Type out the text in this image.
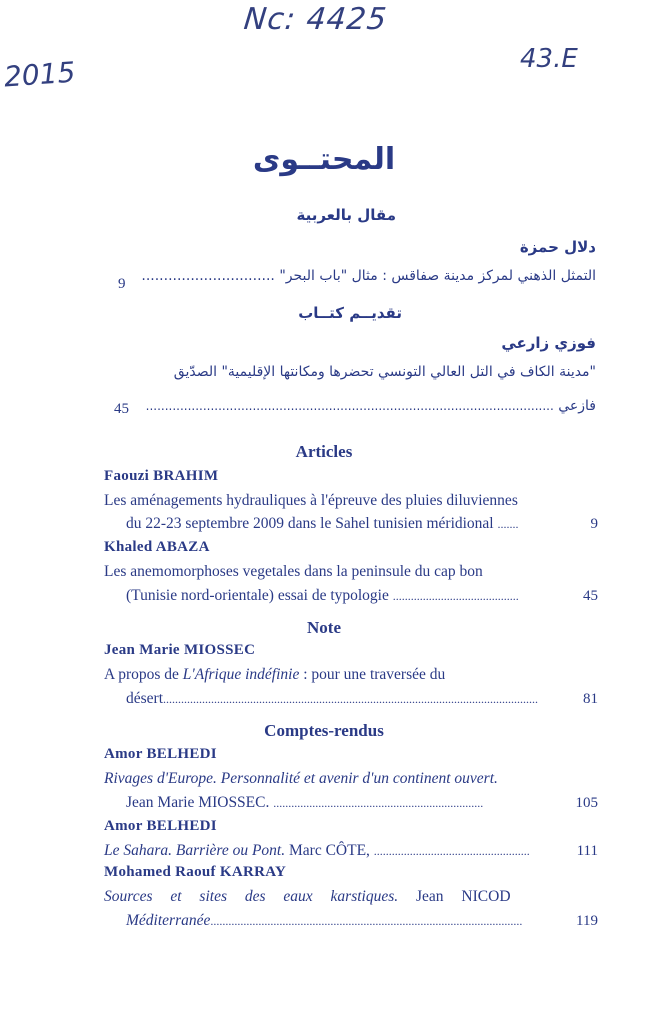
Nc: 4425
2015	43.E
المحتــوى
مقال بالعربية
دلال حمزة
التمثل الذهني لمركز مدينة صفاقس : مثال "باب البحر" ..............................
9
تقديــم كتــاب
فوزي زارعي
"مدينة الكاف في التل العالي التونسي تحضرها ومكانتها الإقليمية" الصدّيق
فازعي ...........................................................................................................
45
Articles
Faouzi BRAHIM
Les aménagements hydrauliques à l'épreuve des pluies diluviennes
du 22-23 septembre 2009 dans le Sahel tunisien méridional .......	9
Khaled ABAZA
Les anemomorphoses vegetales dans la peninsule du cap bon
(Tunisie nord-orientale) essai de typologie ..........................................	45
Note
Jean Marie MIOSSEC
A propos de L'Afrique indéfinie : pour une traversée du
désert.............................................................................................................................	81
Comptes-rendus
Amor BELHEDI
Rivages d'Europe. Personnalité et avenir d'un continent ouvert.
Jean Marie MIOSSEC. ......................................................................	105
Amor BELHEDI
Le Sahara. Barrière ou Pont. Marc CÔTE, ....................................................	111
Mohamed Raouf KARRAY
Sources et sites des eaux karstiques. Jean NICOD
Méditerranée........................................................................................................	119
